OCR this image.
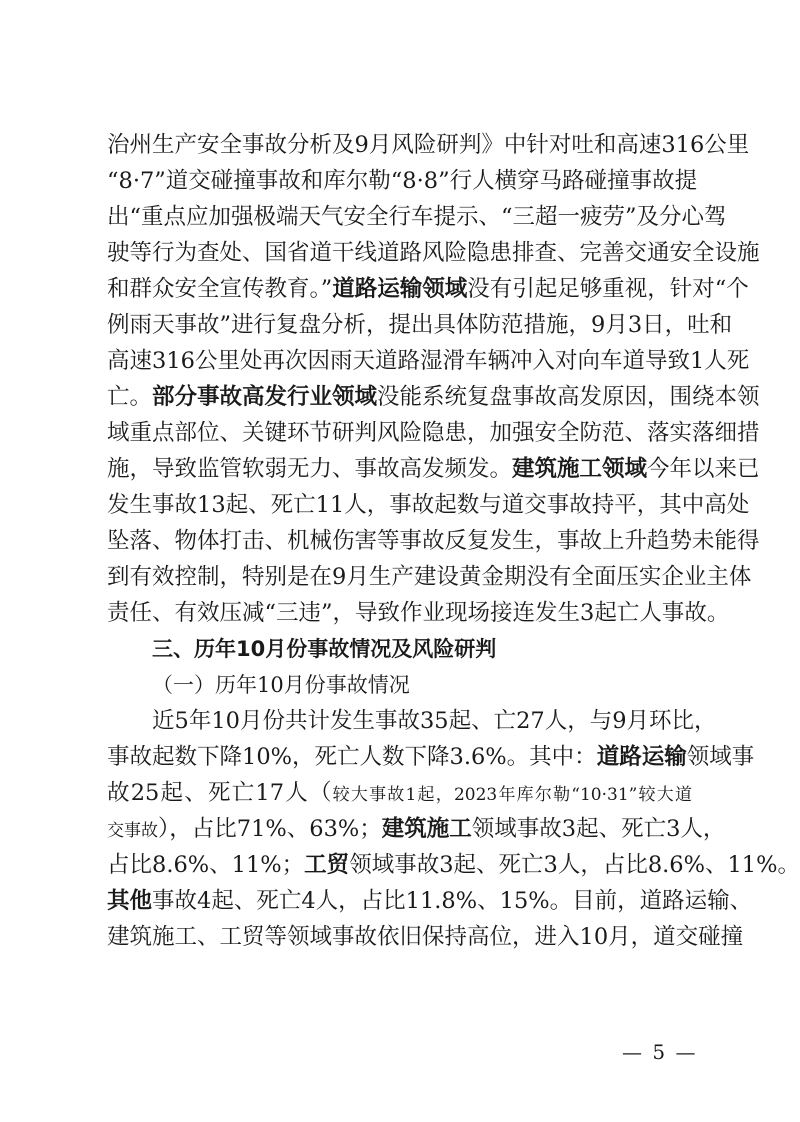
治州生产安全事故分析及9月风险研判》中针对吐和高速316公里
“8·7”道交碰撞事故和库尔勒“8·8”行人横穿马路碰撞事故提
出“重点应加强极端天气安全行车提示、“三超一疲劳”及分心驾
驶等行为查处、国省道干线道路风险隐患排查、完善交通安全设施
和群众安全宣传教育。”道路运输领域没有引起足够重视，针对“个
例雨天事故”进行复盘分析，提出具体防范措施，9月3日，吐和
高速316公里处再次因雨天道路湿滑车辆冲入对向车道导致1人死
亡。部分事故高发行业领域没能系统复盘事故高发原因，围绕本领
域重点部位、关键环节研判风险隐患，加强安全防范、落实落细措
施，导致监管软弱无力、事故高发频发。建筑施工领域今年以来已
发生事故13起、死亡11人，事故起数与道交事故持平，其中高处
坠落、物体打击、机械伤害等事故反复发生，事故上升趋势未能得
到有效控制，特别是在9月生产建设黄金期没有全面压实企业主体
责任、有效压减“三违”，导致作业现场接连发生3起亡人事故。
三、历年10月份事故情况及风险研判
（一）历年10月份事故情况
近5年10月份共计发生事故35起、亡27人，与9月环比，
事故起数下降10%，死亡人数下降3.6%。其中：道路运输领域事
故25起、死亡17人（较大事故1起，2023年库尔勒“10·31”较大道
交事故），占比71%、63%；建筑施工领域事故3起、死亡3人，
占比8.6%、11%；工贸领域事故3起、死亡3人，占比8.6%、11%。
其他事故4起、死亡4人，占比11.8%、15%。目前，道路运输、
建筑施工、工贸等领域事故依旧保持高位，进入10月，道交碰撞
— 5 —
